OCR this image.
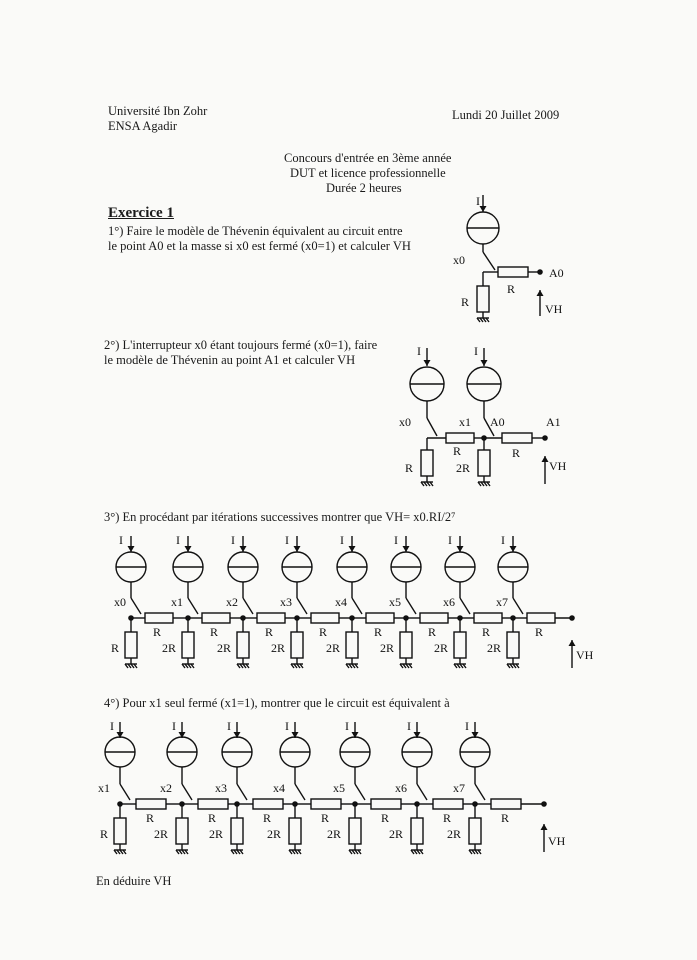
Université Ibn Zohr
ENSA Agadir
Lundi 20 Juillet 2009
Concours d'entrée en 3ème année
DUT et licence professionnelle
Durée 2 heures
Exercice 1
1°) Faire le modèle de Thévenin équivalent au circuit entre
le point A0 et la masse si x0 est fermé (x0=1) et calculer VH
2°) L'interrupteur x0 étant toujours fermé (x0=1), faire
le modèle de Thévenin au point A1 et calculer VH
3°) En procédant par itérations successives montrer que VH= x0.RI/2⁷
4°) Pour x1 seul fermé (x1=1), montrer que le circuit est équivalent à
En déduire VH
I
x0
R
R
A0
VH
I	I
x0
R
R
x1 A0
2R
R
A1
VH
I
x0
R
R
I
x1
2R
R
I
x2
2R
R
I
x3
2R
R
I
x4
2R
R
I
x5
2R
R
I
x6
2R
R
I
x7
2R
R
VH
I
x1
R
R
I
x2
2R
R
I
x3
2R
R
I
x4
2R
R
I
x5
2R
R
I
x6
2R
R
I
x7
2R
R
VH
